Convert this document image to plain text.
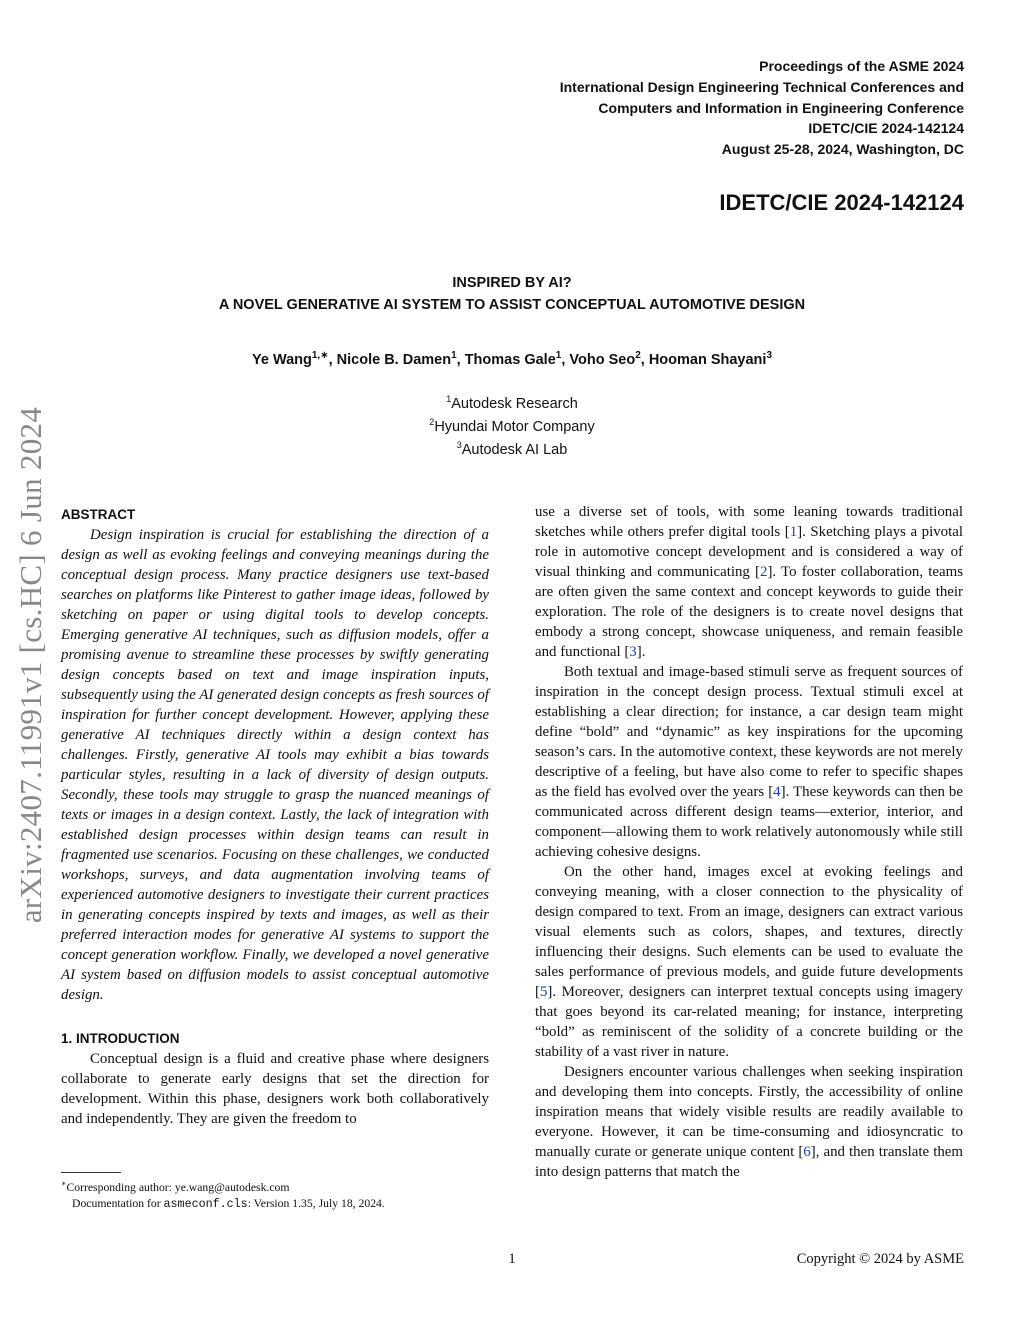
Proceedings of the ASME 2024
International Design Engineering Technical Conferences and
Computers and Information in Engineering Conference
IDETC/CIE 2024-142124
August 25-28, 2024, Washington, DC
IDETC/CIE 2024-142124
INSPIRED BY AI?
A NOVEL GENERATIVE AI SYSTEM TO ASSIST CONCEPTUAL AUTOMOTIVE DESIGN
Ye Wang$^{1,∗}$, Nicole B. Damen$^1$, Thomas Gale$^1$, Voho Seo$^2$, Hooman Shayani$^3$
$^1$Autodesk Research
$^2$Hyundai Motor Company
$^3$Autodesk AI Lab
arXiv:2407.11991v1 [cs.HC] 6 Jun 2024 ABSTRACT

Design inspiration is crucial for establishing the direction of a design as well as evoking feelings and conveying meanings during the conceptual design process. Many practice designers use text-based searches on platforms like Pinterest to gather image ideas, followed by sketching on paper or using digital tools to develop concepts. Emerging generative AI techniques, such as diffusion models, offer a promising avenue to streamline these processes by swiftly generating design concepts based on text and image inspiration inputs, subsequently using the AI generated design concepts as fresh sources of inspiration for further concept development. However, applying these generative AI techniques directly within a design context has challenges. Firstly, generative AI tools may exhibit a bias towards particular styles, resulting in a lack of diversity of design outputs. Secondly, these tools may struggle to grasp the nuanced meanings of texts or images in a design context. Lastly, the lack of integration with established design processes within design teams can result in fragmented use scenarios. Focusing on these challenges, we conducted workshops, surveys, and data augmentation involving teams of experienced automotive designers to investigate their current practices in generating concepts inspired by texts and images, as well as their preferred interaction modes for generative AI systems to support the concept generation workflow. Finally, we developed a novel generative AI system based on diffusion models to assist conceptual automotive design.

1. INTRODUCTION

Conceptual design is a fluid and creative phase where designers collaborate to generate early designs that set the direction for development. Within this phase, designers work both collaboratively and independently. They are given the freedom to

use a diverse set of tools, with some leaning towards traditional sketches while others prefer digital tools [1]. Sketching plays a pivotal role in automotive concept development and is considered a way of visual thinking and communicating [2]. To foster collaboration, teams are often given the same context and concept keywords to guide their exploration. The role of the designers is to create novel designs that embody a strong concept, showcase uniqueness, and remain feasible and functional [3].

Both textual and image-based stimuli serve as frequent sources of inspiration in the concept design process. Textual stimuli excel at establishing a clear direction; for instance, a car design team might define “bold” and “dynamic” as key inspirations for the upcoming season’s cars. In the automotive context, these keywords are not merely descriptive of a feeling, but have also come to refer to specific shapes as the field has evolved over the years [4]. These keywords can then be communicated across different design teams—exterior, interior, and component—allowing them to work relatively autonomously while still achieving cohesive designs.

On the other hand, images excel at evoking feelings and conveying meaning, with a closer connection to the physicality of design compared to text. From an image, designers can extract various visual elements such as colors, shapes, and textures, directly influencing their designs. Such elements can be used to evaluate the sales performance of previous models, and guide future developments [5]. Moreover, designers can interpret textual concepts using imagery that goes beyond its car-related meaning; for instance, interpreting “bold” as reminiscent of the solidity of a concrete building or the stability of a vast river in nature.

Designers encounter various challenges when seeking inspiration and developing them into concepts. Firstly, the accessibility of online inspiration means that widely visible results are readily available to everyone. However, it can be time-consuming and idiosyncratic to manually curate or generate unique content [6], and then translate them into design patterns that match the

∗Corresponding author: ye.wang@autodesk.com
Documentation for asmeconf.cls: Version 1.35, July 18, 2024.
1	Copyright © 2024 by ASME
